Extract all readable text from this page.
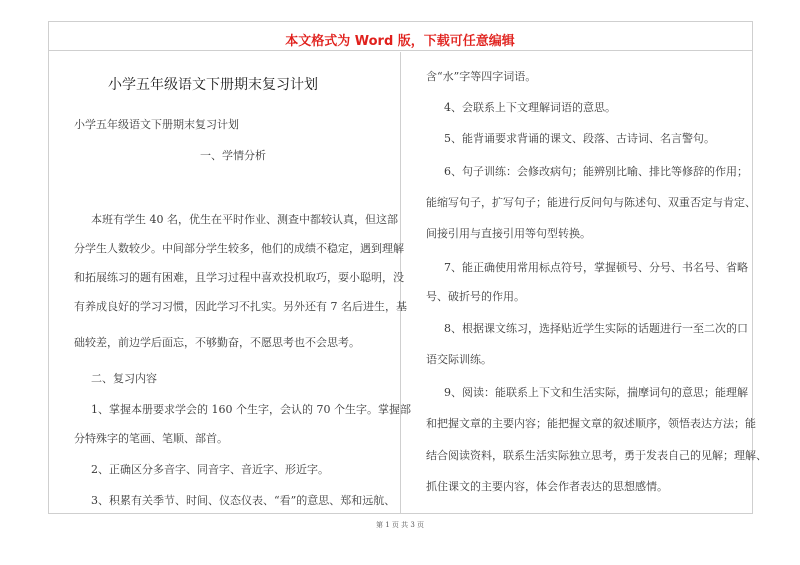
本文格式为 Word 版，下载可任意编辑
小学五年级语文下册期末复习计划

小学五年级语文下册期末复习计划

一、学情分析

本班有学生 40 名，优生在平时作业、测查中都较认真，但这部

分学生人数较少。中间部分学生较多，他们的成绩不稳定，遇到理解

和拓展练习的题有困难，且学习过程中喜欢投机取巧，耍小聪明，没

有养成良好的学习习惯，因此学习不扎实。另外还有 7 名后进生，基

础较差，前边学后面忘，不够勤奋，不愿思考也不会思考。

二、复习内容

1、掌握本册要求学会的 160 个生字，会认的 70 个生字。掌握部

分特殊字的笔画、笔顺、部首。

2、正确区分多音字、同音字、音近字、形近字。

3、积累有关季节、时间、仪态仪表、“看”的意思、郑和远航、

含“水”字等四字词语。

4、会联系上下文理解词语的意思。

5、能背诵要求背诵的课文、段落、古诗词、名言警句。

6、句子训练：会修改病句；能辨别比喻、排比等修辞的作用；

能缩写句子，扩写句子；能进行反问句与陈述句、双重否定与肯定、

间接引用与直接引用等句型转换。

7、能正确使用常用标点符号，掌握顿号、分号、书名号、省略

号、破折号的作用。

8、根据课文练习，选择贴近学生实际的话题进行一至二次的口

语交际训练。

9、阅读：能联系上下文和生活实际，揣摩词句的意思；能理解

和把握文章的主要内容；能把握文章的叙述顺序，领悟表达方法；能

结合阅读资料，联系生活实际独立思考，勇于发表自己的见解；理解、

抓住课文的主要内容，体会作者表达的思想感情。

第 1 页 共 3 页
